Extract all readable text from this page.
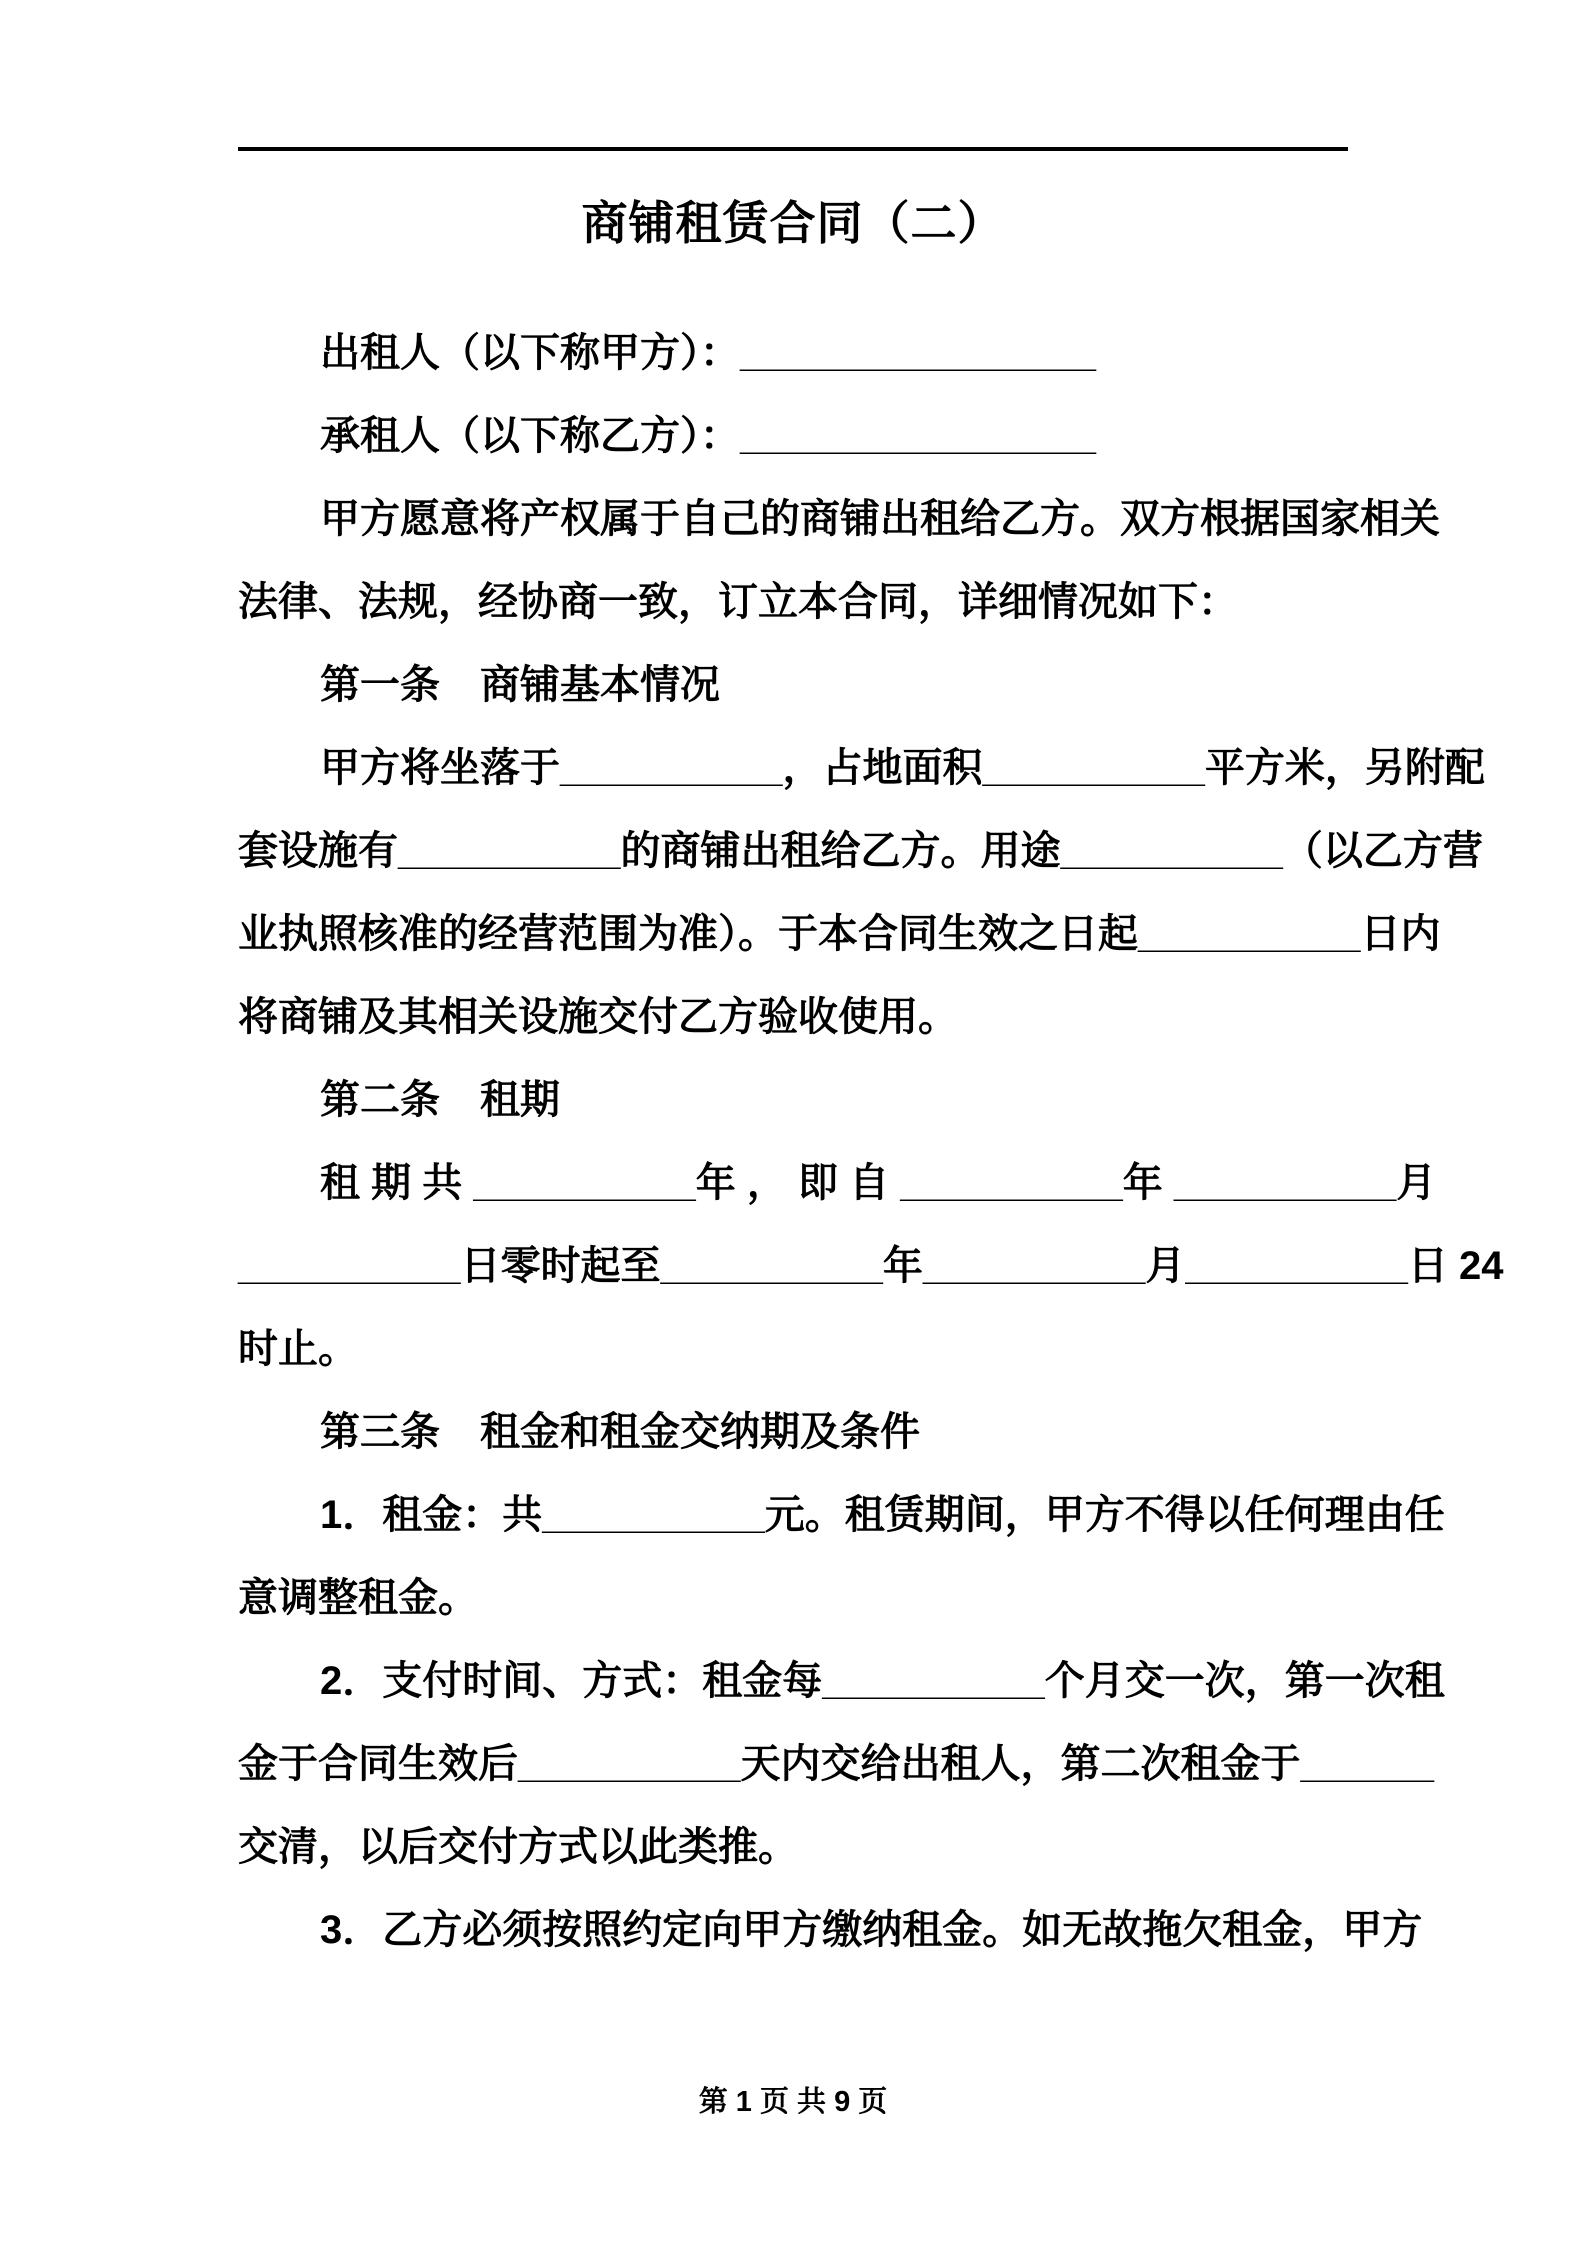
商铺租赁合同（二）
出租人（以下称甲方）：________________
承租人（以下称乙方）：________________
甲方愿意将产权属于自己的商铺出租给乙方。双方根据国家相关
法律、法规，经协商一致，订立本合同，详细情况如下：
第一条　商铺基本情况
甲方将坐落于__________，占地面积__________平方米，另附配
套设施有__________的商铺出租给乙方。用途__________（以乙方营
业执照核准的经营范围为准）。于本合同生效之日起__________日内
将商铺及其相关设施交付乙方验收使用。
第二条　租期
租 期 共 __________年 ， 即 自 __________年 __________月
__________日零时起至__________年__________月__________日 24
时止。
第三条　租金和租金交纳期及条件
1．租金：共__________元。租赁期间，甲方不得以任何理由任
意调整租金。
2．支付时间、方式：租金每__________个月交一次，第一次租
金于合同生效后__________天内交给出租人，第二次租金于______
交清，以后交付方式以此类推。
3．乙方必须按照约定向甲方缴纳租金。如无故拖欠租金，甲方
第 1 页 共 9 页
